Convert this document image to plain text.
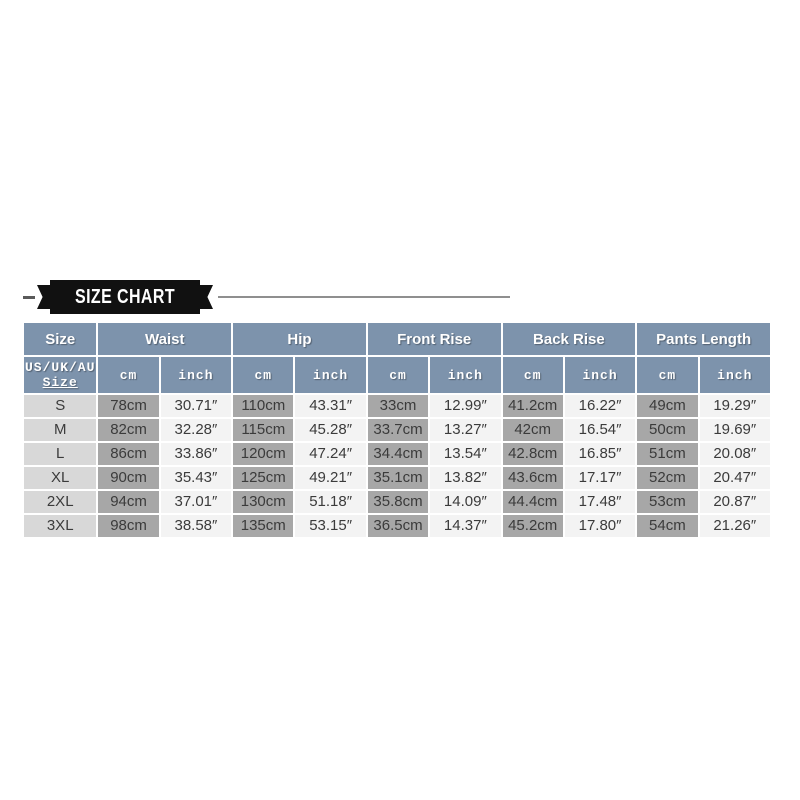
SIZE CHART
Size	Waist		Hip		Front Rise		Back Rise		Pants Length	
US/UK/AU
Size	cm	inch	cm	inch	cm	inch	cm	inch	cm	inch
S	78cm	30.71″	110cm	43.31″	33cm	12.99″	41.2cm	16.22″	49cm	19.29″
M	82cm	32.28″	115cm	45.28″	33.7cm	13.27″	42cm	16.54″	50cm	19.69″
L	86cm	33.86″	120cm	47.24″	34.4cm	13.54″	42.8cm	16.85″	51cm	20.08″
XL	90cm	35.43″	125cm	49.21″	35.1cm	13.82″	43.6cm	17.17″	52cm	20.47″
2XL	94cm	37.01″	130cm	51.18″	35.8cm	14.09″	44.4cm	17.48″	53cm	20.87″
3XL	98cm	38.58″	135cm	53.15″	36.5cm	14.37″	45.2cm	17.80″	54cm	21.26″
